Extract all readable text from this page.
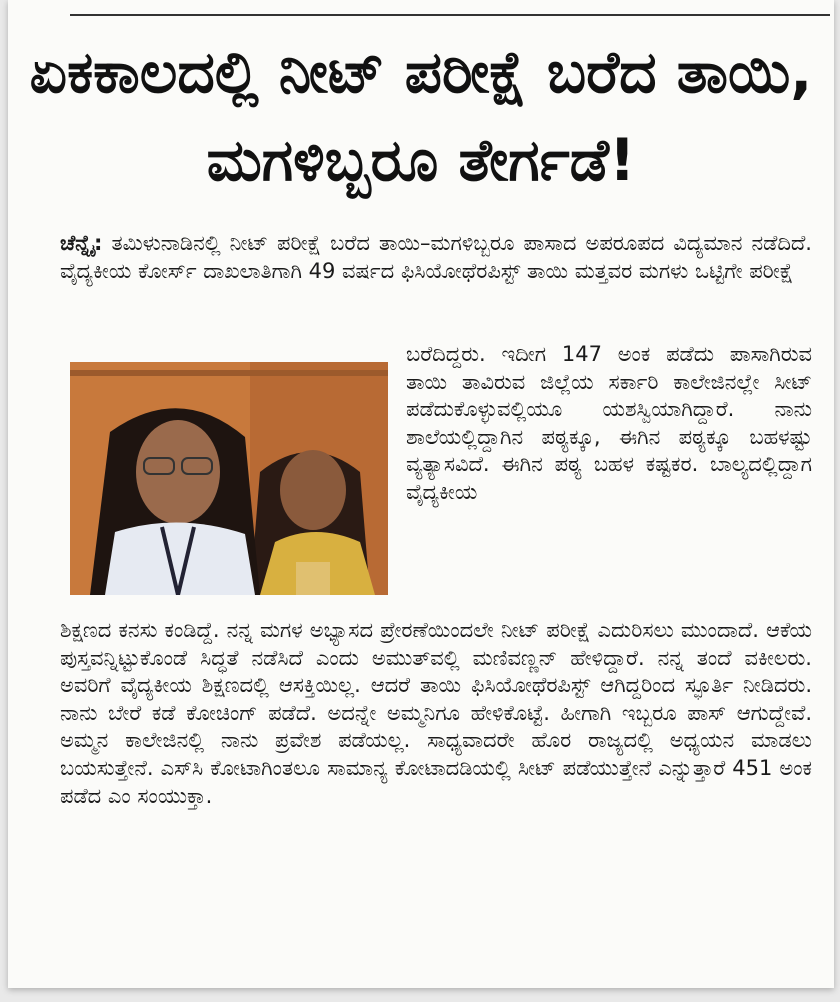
ಏಕಕಾಲದಲ್ಲಿ ನೀಟ್ ಪರೀಕ್ಷೆ ಬರೆದ ತಾಯಿ, ಮಗಳಿಬ್ಬರೂ ತೇರ್ಗಡೆ!

ಚೆನ್ನೈ: ತಮಿಳುನಾಡಿನಲ್ಲಿ ನೀಟ್ ಪರೀಕ್ಷೆ ಬರೆದ ತಾಯಿ–ಮಗಳಿಬ್ಬರೂ ಪಾಸಾದ ಅಪರೂಪದ ವಿದ್ಯಮಾನ ನಡೆದಿದೆ. ವೈದ್ಯಕೀಯ ಕೋರ್ಸ್ ದಾಖಲಾತಿಗಾಗಿ 49 ವರ್ಷದ ಫಿಸಿಯೋಥೆರಪಿಸ್ಟ್ ತಾಯಿ ಮತ್ತವರ ಮಗಳು ಒಟ್ಟಿಗೇ ಪರೀಕ್ಷೆ

ಬರೆದಿದ್ದರು. ಇದೀಗ 147 ಅಂಕ ಪಡೆದು ಪಾಸಾಗಿರುವ ತಾಯಿ ತಾವಿರುವ ಜಿಲ್ಲೆಯ ಸರ್ಕಾರಿ ಕಾಲೇಜಿನಲ್ಲೇ ಸೀಟ್ ಪಡೆದುಕೊಳ್ಳುವಲ್ಲಿಯೂ ಯಶಸ್ವಿಯಾಗಿದ್ದಾರೆ. ನಾನು ಶಾಲೆಯಲ್ಲಿದ್ದಾಗಿನ ಪಠ್ಯಕ್ಕೂ, ಈಗಿನ ಪಠ್ಯಕ್ಕೂ ಬಹಳಷ್ಟು ವ್ಯತ್ಯಾಸವಿದೆ. ಈಗಿನ ಪಠ್ಯ ಬಹಳ ಕಷ್ಟಕರ. ಬಾಲ್ಯದಲ್ಲಿದ್ದಾಗ ವೈದ್ಯಕೀಯ

ಶಿಕ್ಷಣದ ಕನಸು ಕಂಡಿದ್ದೆ. ನನ್ನ ಮಗಳ ಅಭ್ಯಾಸದ ಪ್ರೇರಣೆಯಿಂದಲೇ ನೀಟ್ ಪರೀಕ್ಷೆ ಎದುರಿಸಲು ಮುಂದಾದೆ. ಆಕೆಯ ಪುಸ್ತವನ್ನಿಟ್ಟುಕೊಂಡೆ ಸಿದ್ಧತೆ ನಡೆಸಿದೆ ಎಂದು ಅಮುತ್‌ವಲ್ಲಿ ಮಣಿವಣ್ಣನ್ ಹೇಳಿದ್ದಾರೆ. ನನ್ನ ತಂದೆ ವಕೀಲರು. ಅವರಿಗೆ ವೈದ್ಯಕೀಯ ಶಿಕ್ಷಣದಲ್ಲಿ ಆಸಕ್ತಿಯಿಲ್ಲ. ಆದರೆ ತಾಯಿ ಫಿಸಿಯೋಥೆರಪಿಸ್ಟ್ ಆಗಿದ್ದರಿಂದ ಸ್ಫೂರ್ತಿ ನೀಡಿದರು. ನಾನು ಬೇರೆ ಕಡೆ ಕೋಚಿಂಗ್ ಪಡೆದೆ. ಅದನ್ನೇ ಅಮ್ಮನಿಗೂ ಹೇಳಿಕೊಟ್ಟೆ. ಹೀಗಾಗಿ ಇಬ್ಬರೂ ಪಾಸ್ ಆಗುದ್ದೇವೆ. ಅಮ್ಮನ ಕಾಲೇಜಿನಲ್ಲಿ ನಾನು ಪ್ರವೇಶ ಪಡೆಯಲ್ಲ. ಸಾಧ್ಯವಾದರೇ ಹೊರ ರಾಜ್ಯದಲ್ಲಿ ಅಧ್ಯಯನ ಮಾಡಲು ಬಯಸುತ್ತೇನೆ. ಎಸ್‌ಸಿ ಕೋಟಾಗಿಂತಲೂ ಸಾಮಾನ್ಯ ಕೋಟಾದಡಿಯಲ್ಲಿ ಸೀಟ್ ಪಡೆಯುತ್ತೇನೆ ಎನ್ನುತ್ತಾರೆ 451 ಅಂಕ ಪಡೆದ ಎಂ ಸಂಯುಕ್ತಾ.
